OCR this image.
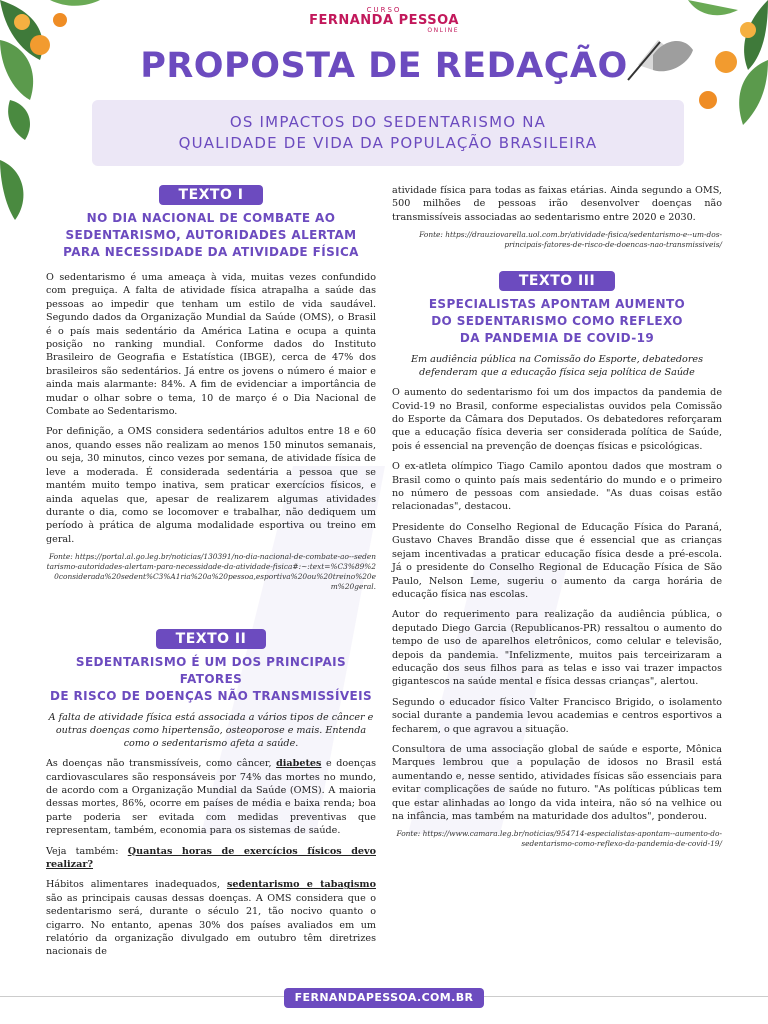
CURSO
FERNANDA PESSOA
ONLINE
PROPOSTA DE REDAÇÃO
OS IMPACTOS DO SEDENTARISMO NA
QUALIDADE DE VIDA DA POPULAÇÃO BRASILEIRA
TEXTO I
NO DIA NACIONAL DE COMBATE AO
SEDENTARISMO, AUTORIDADES ALERTAM
PARA NECESSIDADE DA ATIVIDADE FÍSICA

O sedentarismo é uma ameaça à vida, muitas vezes confundido com preguiça. A falta de atividade física atrapalha a saúde das pessoas ao impedir que tenham um estilo de vida saudável. Segundo dados da Organização Mundial da Saúde (OMS), o Brasil é o país mais sedentário da América Latina e ocupa a quinta posição no ranking mundial. Conforme dados do Instituto Brasileiro de Geografia e Estatística (IBGE), cerca de 47% dos brasileiros são sedentários. Já entre os jovens o número é maior e ainda mais alarmante: 84%. A fim de evidenciar a importância de mudar o olhar sobre o tema, 10 de março é o Dia Nacional de Combate ao Sedentarismo.

Por definição, a OMS considera sedentários adultos entre 18 e 60 anos, quando esses não realizam ao menos 150 minutos semanais, ou seja, 30 minutos, cinco vezes por semana, de atividade física de leve a moderada. É considerada sedentária a pessoa que se mantém muito tempo inativa, sem praticar exercícios físicos, e ainda aquelas que, apesar de realizarem algumas atividades durante o dia, como se locomover e trabalhar, não dediquem um período à prática de alguma modalidade esportiva ou treino em geral.

Fonte: https://portal.al.go.leg.br/noticias/130391/no-dia-nacional-de-combate-ao--sedentarismo-autoridades-alertam-para-necessidade-da-atividade-fisica#:~:text=%C3%89%20considerada%20sedent%C3%A1ria%20a%20pessoa,esportiva%20ou%20treino%20em%20geral.
TEXTO II
SEDENTARISMO É UM DOS PRINCIPAIS FATORES
DE RISCO DE DOENÇAS NÃO TRANSMISSÍVEIS
A falta de atividade física está associada a vários tipos de câncer e outras doenças como hipertensão, osteoporose e mais. Entenda como o sedentarismo afeta a saúde.

As doenças não transmissíveis, como câncer, diabetes e doenças cardiovasculares são responsáveis por 74% das mortes no mundo, de acordo com a Organização Mundial da Saúde (OMS). A maioria dessas mortes, 86%, ocorre em países de média e baixa renda; boa parte poderia ser evitada com medidas preventivas que representam, também, economia para os sistemas de saúde.

Veja também: Quantas horas de exercícios físicos devo realizar?

Hábitos alimentares inadequados, sedentarismo e tabagismo são as principais causas dessas doenças. A OMS considera que o sedentarismo será, durante o século 21, tão nocivo quanto o cigarro. No entanto, apenas 30% dos países avaliados em um relatório da organização divulgado em outubro têm diretrizes nacionais de

atividade física para todas as faixas etárias. Ainda segundo a OMS, 500 milhões de pessoas irão desenvolver doenças não transmissíveis associadas ao sedentarismo entre 2020 e 2030.

Fonte: https://drauziovarella.uol.com.br/atividade-fisica/sedentarismo-e--um-dos-principais-fatores-de-risco-de-doencas-nao-transmissiveis/
TEXTO III
ESPECIALISTAS APONTAM AUMENTO
DO SEDENTARISMO COMO REFLEXO
DA PANDEMIA DE COVID-19
Em audiência pública na Comissão do Esporte, debatedores defenderam que a educação física seja política de Saúde

O aumento do sedentarismo foi um dos impactos da pandemia de Covid-19 no Brasil, conforme especialistas ouvidos pela Comissão do Esporte da Câmara dos Deputados. Os debatedores reforçaram que a educação física deveria ser considerada política de Saúde, pois é essencial na prevenção de doenças físicas e psicológicas.

O ex-atleta olímpico Tiago Camilo apontou dados que mostram o Brasil como o quinto país mais sedentário do mundo e o primeiro no número de pessoas com ansiedade. "As duas coisas estão relacionadas", destacou.

Presidente do Conselho Regional de Educação Física do Paraná, Gustavo Chaves Brandão disse que é essencial que as crianças sejam incentivadas a praticar educação física desde a pré-escola. Já o presidente do Conselho Regional de Educação Física de São Paulo, Nelson Leme, sugeriu o aumento da carga horária de educação física nas escolas.

Autor do requerimento para realização da audiência pública, o deputado Diego Garcia (Republicanos-PR) ressaltou o aumento do tempo de uso de aparelhos eletrônicos, como celular e televisão, depois da pandemia. "Infelizmente, muitos pais terceirizaram a educação dos seus filhos para as telas e isso vai trazer impactos gigantescos na saúde mental e física dessas crianças", alertou.

Segundo o educador físico Valter Francisco Brigido, o isolamento social durante a pandemia levou academias e centros esportivos a fecharem, o que agravou a situação.

Consultora de uma associação global de saúde e esporte, Mônica Marques lembrou que a população de idosos no Brasil está aumentando e, nesse sentido, atividades físicas são essenciais para evitar complicações de saúde no futuro. "As políticas públicas tem que estar alinhadas ao longo da vida inteira, não só na velhice ou na infância, mas também na maturidade dos adultos", ponderou.

Fonte: https://www.camara.leg.br/noticias/954714-especialistas-apontam--aumento-do-sedentarismo-como-reflexo-da-pandemia-de-covid-19/
FERNANDAPESSOA.COM.BR
